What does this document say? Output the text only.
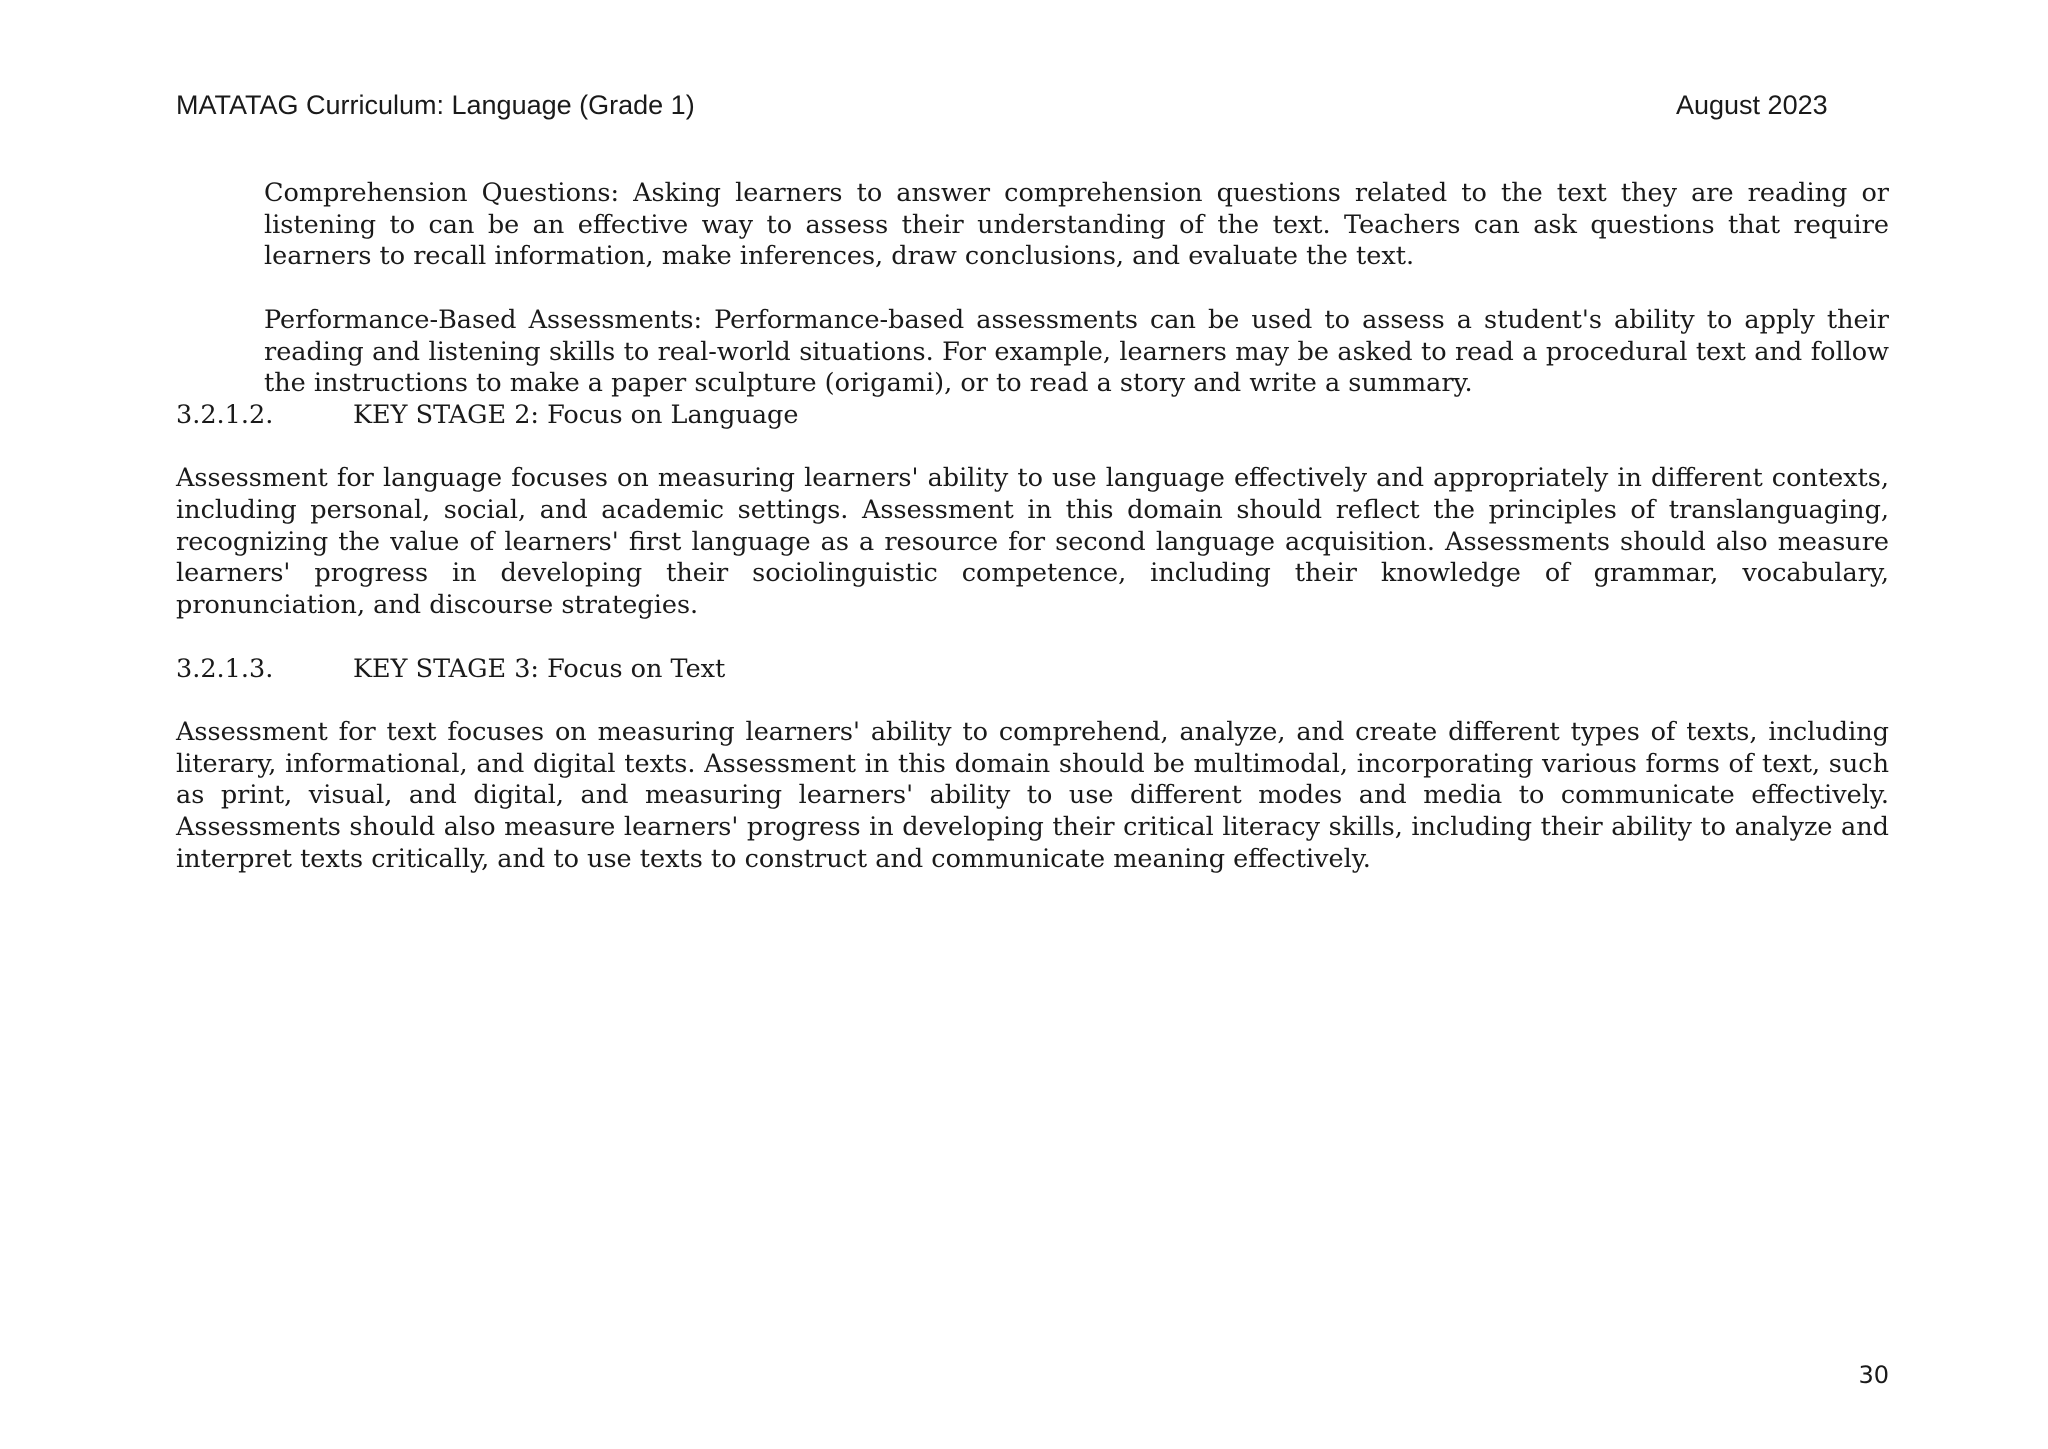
MATATAG Curriculum: Language (Grade 1)	August 2023

Comprehension Questions: Asking learners to answer comprehension questions related to the text they are reading or listening to can be an effective way to assess their understanding of the text. Teachers can ask questions that require learners to recall information, make inferences, draw conclusions, and evaluate the text.

Performance-Based Assessments: Performance-based assessments can be used to assess a student's ability to apply their reading and listening skills to real-world situations. For example, learners may be asked to read a procedural text and follow the instructions to make a paper sculpture (origami), or to read a story and write a summary.

3.2.1.2.	KEY STAGE 2: Focus on Language

Assessment for language focuses on measuring learners' ability to use language effectively and appropriately in different contexts, including personal, social, and academic settings. Assessment in this domain should reflect the principles of translanguaging, recognizing the value of learners' first language as a resource for second language acquisition. Assessments should also measure learners' progress in developing their sociolinguistic competence, including their knowledge of grammar, vocabulary, pronunciation, and discourse strategies.

3.2.1.3.	KEY STAGE 3: Focus on Text

Assessment for text focuses on measuring learners' ability to comprehend, analyze, and create different types of texts, including literary, informational, and digital texts. Assessment in this domain should be multimodal, incorporating various forms of text, such as print, visual, and digital, and measuring learners' ability to use different modes and media to communicate effectively. Assessments should also measure learners' progress in developing their critical literacy skills, including their ability to analyze and interpret texts critically, and to use texts to construct and communicate meaning effectively.

30
